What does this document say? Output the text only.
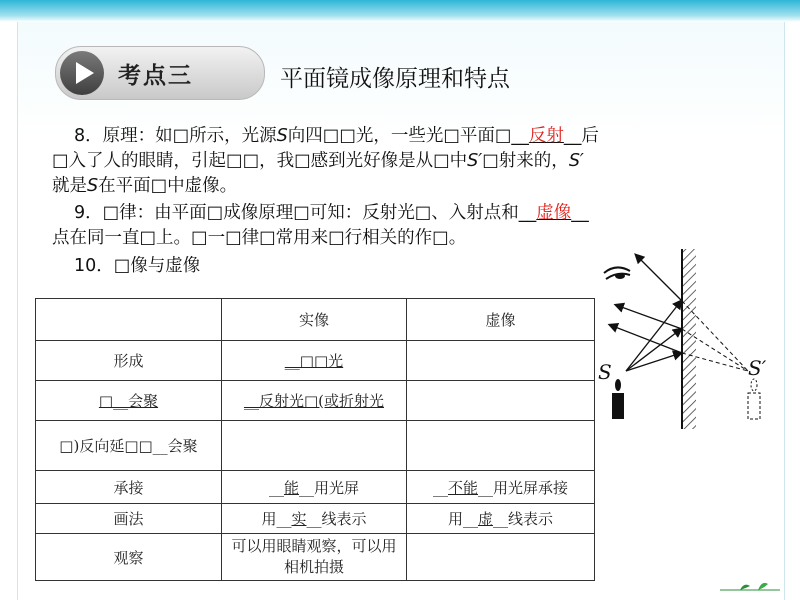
考点三	平面镜成像原理和特点
8．原理：如□所示，光源S向四□□光，一些光□平面□__反射__后
□入了人的眼睛，引起□□，我□感到光好像是从□中S′□射来的，S′
就是S在平面□中虚像。
9．□律：由平面□成像原理□可知：反射光□、入射点和__虚像__
点在同一直□上。□一□律□常用来□行相关的作□。
10．□像与虚像
	实像	虚像
形成	__□□光	
□__会聚	__反射光□(或折射光	
□)反向延□□__会聚		
承接	__能__用光屏	__不能__用光屏承接
画法	用__实__线表示	用__虚__线表示
观察	可以用眼睛观察，可以用相机拍摄	
S	S′
